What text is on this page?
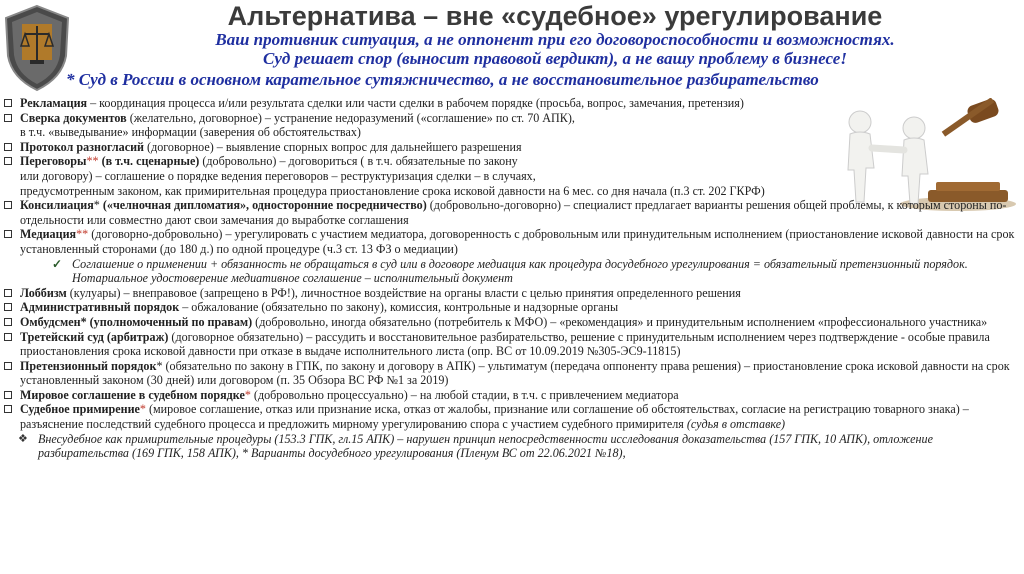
Альтернатива – вне «судебное» урегулирование
Ваш противник ситуация, а не оппонент при его договороспособности и возможностях.
Суд решает спор (выносит правовой вердикт), а не вашу проблему в бизнесе!
* Суд в России в основном карательное сутяжничество, а не восстановительное разбирательство
Рекламация – координация процесса и/или результата сделки или части сделки в рабочем порядке (просьба, вопрос, замечания, претензия)
Сверка документов (желательно, договорное) – устранение недоразумений («соглашение» по ст. 70 АПК),
в т.ч. «выведывание» информации (заверения об обстоятельствах)
Протокол разногласий (договорное) – выявление спорных вопрос для дальнейшего разрешения
Переговоры** (в т.ч. сценарные) (добровольно) – договориться ( в т.ч. обязательные по закону
или договору) – соглашение о порядке ведения переговоров – реструктуризация сделки – в случаях,
предусмотренным законом, как примирительная процедура приостановление срока исковой давности на 6 мес. со дня начала (п.3 ст. 202 ГКРФ)
Консилиация* («челночная дипломатия», односторонние посредничество) (добровольно-договорно) – специалист предлагает варианты решения общей проблемы, к которым стороны по-отдельности или совместно дают свои замечания до выработке соглашения
Медиация** (договорно-добровольно) – урегулировать с участием медиатора, договоренность с добровольным или принудительным исполнением (приостановление исковой давности на срок установленный сторонами (до 180 д.) по одной процедуре (ч.3 ст. 13 ФЗ о медиации)
✓ Соглашение о применении + обязанность не обращаться в суд или в договоре медиация как процедура досудебного урегулирования = обязательный претензионный порядок. Нотариальное удостоверение медиативное соглашение – исполнительный документ
Лоббизм (кулуары) – внеправовое (запрещено в РФ!), личностное воздействие на органы власти с целью принятия определенного решения
Административный порядок – обжалование (обязательно по закону), комиссия, контрольные и надзорные органы
Омбудсмен* (уполномоченный по правам) (добровольно, иногда обязательно (потребитель к МФО) – «рекомендация» и принудительным исполнением «профессионального участника»
Третейский суд (арбитраж) (договорное обязательно) – рассудить и восстановительное разбирательство, решение с принудительным исполнением через подтверждение - особые правила приостановления срока исковой давности при отказе в выдаче исполнительного листа (опр. ВС от 10.09.2019 №305-ЭС9-11815)
Претензионный порядок* (обязательно по закону в ГПК, по закону и договору в АПК) – ультиматум (передача оппоненту права решения) – приостановление срока исковой давности на срок установленный законом (30 дней) или договором (п. 35 Обзора ВС РФ №1 за 2019)
Мировое соглашение в судебном порядке* (добровольно процессуально) – на любой стадии, в т.ч. с привлечением медиатора
Судебное примирение* (мировое соглашение, отказ или признание иска, отказ от жалобы, признание или соглашение об обстоятельствах, согласие на регистрацию товарного знака) – разъяснение последствий судебного процесса и предложить мирному урегулированию спора с участием судебного примирителя (судья в отставке)
❖ Внесудебное как примирительные процедуры (153.3 ГПК, гл.15 АПК) – нарушен принцип непосредственности исследования доказательства (157 ГПК, 10 АПК), отложение разбирательства (169 ГПК, 158 АПК), * Варианты досудебного урегулирования (Пленум ВС от 22.06.2021 №18),
